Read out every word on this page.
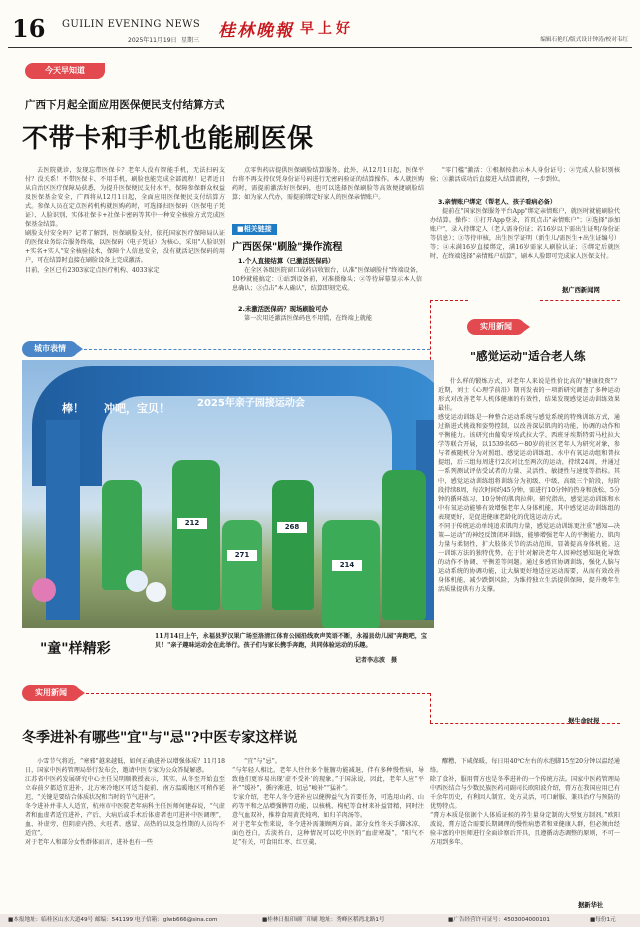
16 GUILIN EVENING NEWS
2025年11月19日 星期三 桂林晚報 早上好
编辑石艳红/版式设计钟涛/校对韦红
今天早知道
广西下月起全面应用医保便民支付结算方式
不带卡和手机也能刷医保
去医院就诊，发现忘带医保卡？老年人没有智能手机，无法扫码支付？没关系！不带医保卡、不用手机，刷脸也能完成全部流程！记者近日从自治区医疗保障局获悉，为提升医保便民支付水平，保障参保群众权益及医保基金安全，广西将从12月1日起，全面应用医保便民支付结算方式。参保人员在定点医药机构就医购药时，可选择扫医保码（医保电子凭证）、人脸识别、实体社保卡+社保卡密码等其中一种安全核验方式完成医保基金结算。
刷脸支付安全吗？记者了解到，医保刷脸支付，依托国家医疗保障局认证的医保业务综合服务终端，以医保码（电子凭证）为核心，采用"人脸识别+实名+实人"安全核验技术，保障个人信息安全，没有就活记医保码的用户，可在结算时直接在刷脸设备上完成激活。
目前，全区已有2303家定点医疗机构、4033家定
点零售药店提供医保刷脸结算服务。此外，从12月1日起，医保平台将不再支持仅凭身份证号码进行无密码验证的结算操作。本人就医购药时，需提前激活好医保码，也可以选择医保刷脸等高效便捷刷脸结算；如为家人代办，需提前绑定好家人的医保亲情账户。
■相关链接
广西医保"刷脸"操作流程
1.个人直接结算（已激活医保码）
在全区各级医院窗口或药店收银台，认准"医保刷脸付"终端设备，10秒就能搞定：①站到设备前，对准摄像头；②等待屏幕显示本人信息确认；③点击"本人确认"，结算即刻完成。
2.未激活医保码？现场刷脸可办
第一次用还激活医保码也不用慌，在终端上就能
"零门槛"激活：①根据按指示本人身份证号；②完成人脸识别核验；③激活成功后直接进入结算流程，一步到位。
3.亲情账户绑定（帮老人、孩子看病必备）
提前在"国家医保服务平台App"绑定亲情账户，就医时就能刷脸代办结算。操作：①打开App登录，首页点击"亲情账户"；②选择"添加账户"，录入待绑定人（老人需身份证；若16岁以下需出生证明/身份证等信息）；③等待审核，出生医学证明（新生儿/需医生+出生证编号）等；④未满16岁直接绑定，满16岁需家人刷脸认证；⑤绑定后就医时，在终端选择"亲情账户结算"，刷本人脸即可完成家人医保支付。
据广西新闻网
城市表情
实用新闻
"感觉运动"适合老人练
什么样的锻炼方式，对老年人来说是性价比高的“健康投资”？近期，刘士《心理学前沿》期刊发表的一项新研究调查了多种运动形式对改善老年人机体健康的有效性，结果发现感觉运动训练效果最佳。
感觉运动训练是一种整合运动系统与感觉系统的特殊训练方式，通过渐进式挑战和姿势控制，以改善深层肌肉的功能，协调的动作和平衡能力。该研究由葡萄牙埃武拉大学、西班牙埃斯特雷马杜拉大学等联合开展，以1539名65～80岁的社区老年人为研究对象，参与者被随机分为对照组、感觉运动训练组、水中有氧运动组和普拉提组，后三组每周进行2次对比至两次的运动，持续24周，并通过一系列测试评估受试者的力量、灵活性、敏捷性与速度等指标。其中，感觉运动训练组将训练分为初级、中级、高级三个阶段，每阶段持续8周，每次时间约45分钟，需进行10分钟的热身和放松、5分钟的循环练习、10分钟的肌肉拉伸。研究指出，感觉运动训练和水中有氧运动能够有效增强老年人身体机能，其中感觉运动训练组的表现更好，是促进健康老龄化的优选运动方式。
不同于传统运动单纯追求肌肉力量，感觉运动训练更注重“感知—决策—运动”的神经反馈闭环训练，能够增强老年人的平衡能力、肌肉力量与柔韧性，扩大肢体关节的活动范围，显著提高身体机能。这一训练方法的独特优势，在于针对解决老年人因神经感知退化导致的动作不协调、平衡差等问题。通过多感官协调训练，强化人脑与运动系统的协调功能，让大脑更好地适应运动需要，从而有效改善身体机能，减少跌倒风险，为维持独立生活提供保障，提升晚年生活质量提供有力支撑。
据生命时报
棒！ 冲吧，宝贝！	2025年亲子园接运动会
212
271
268
214
"童"样精彩
11月14日上午，永福县罗汉果广场至洛清江体育公园沿线欢声笑语不断，永福县幼儿园"奔跑吧，宝贝！"亲子趣味运动会在此举行。孩子们与家长携手奔跑，共同体验运动的乐趣。
记者李志波　摄
实用新闻
冬季进补有哪些"宜"与"忌"?中医专家这样说
小雪节气将近，“寒邪”越来越低，如何正确进补以增强体质？11月18日，国家中医药管理局举行发布会，邀请中医专家为公众答疑解惑。
江苏省中医药发展研究中心主任吴明顺教授表示，其实，从冬至开始直至立春前夕都适宜进补，北方寒冷地区可适当提前、南方温暖地区可稍作延迟，“关键是要结合体质状况和当时的节气进补”。
冬令进补并非人人适宜，杭州市中医院老年病科主任医师何建春说，“气虚者和血虚者适宜进补，产后、大病后或手术后体虚者也可进补中医调理”，血、补虚旁，但阴虚内热、火旺者、感冒、高热的以及急性期的人员均不适宜”。
对于老年人和部分女性群体而言，进补也有一些
“宜”与“忌”。
“与年轻人相比，老年人往往多个脏腑功能减退，伴有多种慢性病，导致他们更容易出现‘虚不受补’的现象。”于国泳说，因此，老年人应“平补”“缓补”，循序渐进，切忌“峻补”“猛补”。
专家介绍，老年人冬令进补应以健脾益气为首要任务，可选用山药、山药等平和之品增强脾胃功能，以核桃、枸杞等食材来补益肾精，同时注意气血双补，推荐食用黄芪炖鸡、如归羊肉汤等。
对于老年女性来说，冬令进补需兼顾两方面。部分女性冬天手脚冰凉、面色苍白，舌淡苔白，这种情况可以吃中医的“血虚寒凝”，“阳气不足”有关，可食用红枣、红豆羹、
醪糟、下咸保暖，每日用40℃左右的水泡脚15至20分钟以温经通络。
除了食补，服用膏方也是冬季进补的一个传统方法。国家中医药管理局中西医结合与少数民族医药司副司长欧阳波介绍，膏方在我国应用已有千余年历史，有利因人制宜、处方灵活，可口耐服、兼具治疗与预防的优势特点。
“膏方本质是依据个人体质证候的养生量身定制的大型复方制剂。”欧阳波说，膏方适合需要长期调理的慢性病患者和亚健康人群，但必须由经验丰富的中医师进行全面诊察后开具，且遵循动态调整的原则，不可一方用到多年。
据新华社
■本报地址：临桂区山水大道49号 邮编：541199 电子信箱：glwb666@sina.com	■桂林日报印刷厂印刷 地址：秀峰区稻湾北路1号	■广告经营许可证号：4503004000101	■每份1元
